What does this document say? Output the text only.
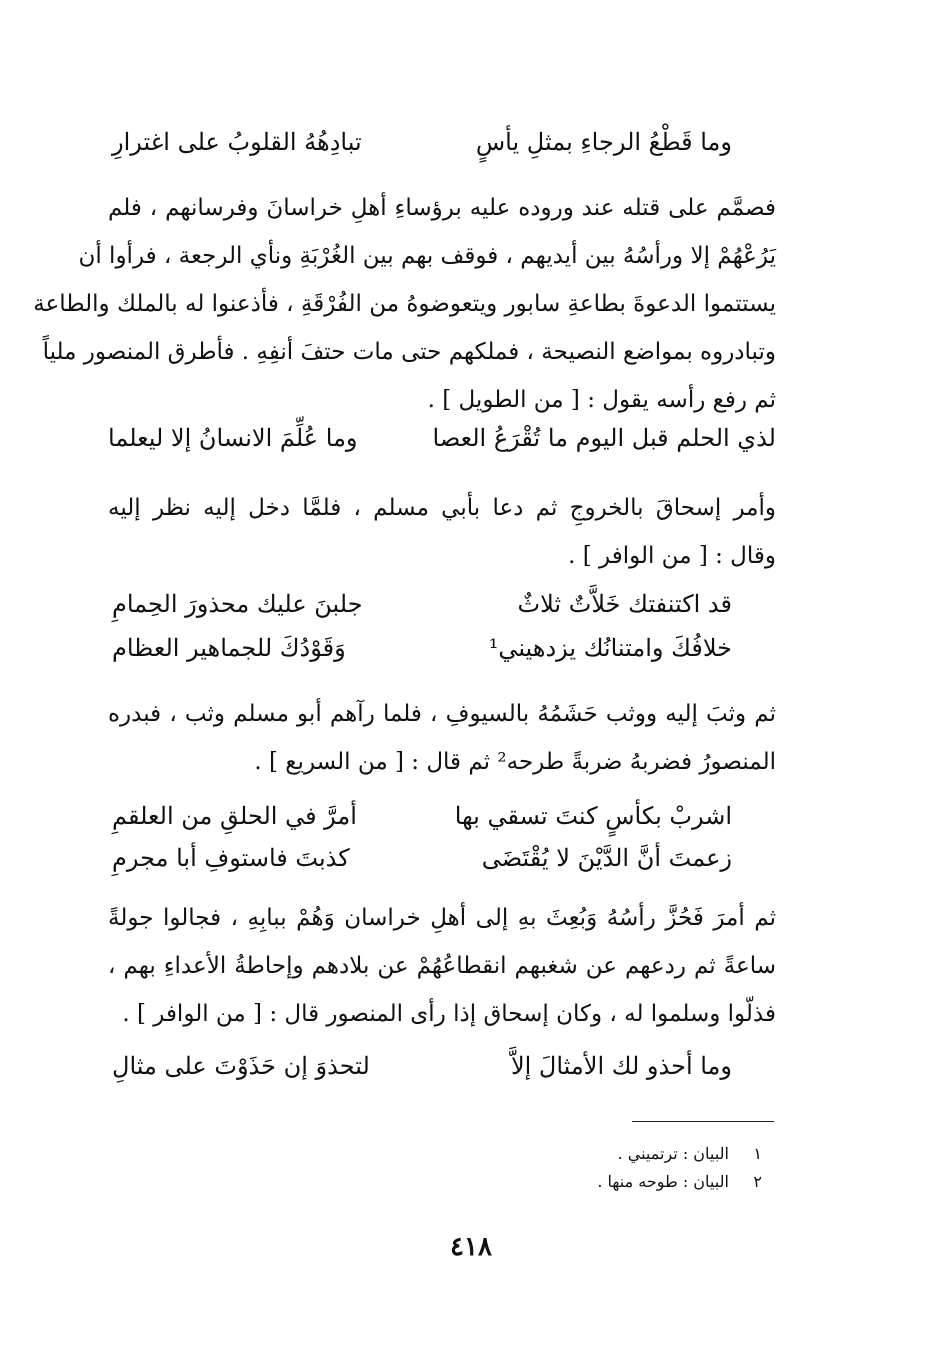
وما قَطْعُ الرجاءِ بمثلِ يأسٍ
تبادِهُهُ القلوبُ على اغترارِ
فصمَّم على قتله عند وروده عليه برؤساءِ أهلِ خراسانَ وفرسانهم ، فلم
يَرُعْهُمْ إلا ورأسُهُ بين أيديهم ، فوقف بهم بين الغُرْبَةِ ونأي الرجعة ، فرأوا أن
يستتموا الدعوةَ بطاعةِ سابور ويتعوضوهُ من الفُرْقَةِ ، فأذعنوا له بالملك والطاعة
وتبادروه بمواضع النصيحة ، فملكهم حتى مات حتفَ أنفِهِ . فأطرق المنصور ملياً
ثم رفع رأسه يقول : [ من الطويل ] .
لذي الحلم قبل اليوم ما تُقْرَعُ العصا
وما عُلِّمَ الانسانُ إلا ليعلما
وأمر إسحاقَ بالخروجِ ثم دعا بأبي مسلم ، فلمَّا دخل إليه نظر إليه
وقال : [ من الوافر ] .
قد اكتنفتك خَلاَّتٌ ثلاثٌ
جلبنَ عليك محذورَ الحِمامِ
خلافُكَ وامتنانُك يزدهيني¹
وَقَوْدُكَ للجماهير العظام
ثم وثبَ إليه ووثب حَشَمُهُ بالسيوفِ ، فلما رآهم أبو مسلم وثب ، فبدره
المنصورُ فضربهُ ضربةً طرحه² ثم قال : [ من السريع ] .
اشربْ بكأسٍ كنتَ تسقي بها
أمرَّ في الحلقِ من العلقمِ
زعمتَ أنَّ الدَّيْنَ لا يُقْتَضَى
كذبتَ فاستوفِ أبا مجرمِ
ثم أمرَ فَحُزَّ رأسُهُ وَبُعِثَ بهِ إلى أهلِ خراسان وَهُمْ ببابِهِ ، فجالوا جولةً
ساعةً ثم ردعهم عن شغبهم انقطاعُهُمْ عن بلادهم وإحاطةُ الأعداءِ بهم ،
فذلّوا وسلموا له ، وكان إسحاق إذا رأى المنصور قال : [ من الوافر ] .
وما أحذو لك الأمثالَ إلاَّ
لتحذوَ إن حَذَوْتَ على مثالِ
١ البيان : ترتميني .
٢ البيان : طوحه منها .
٤١٨
